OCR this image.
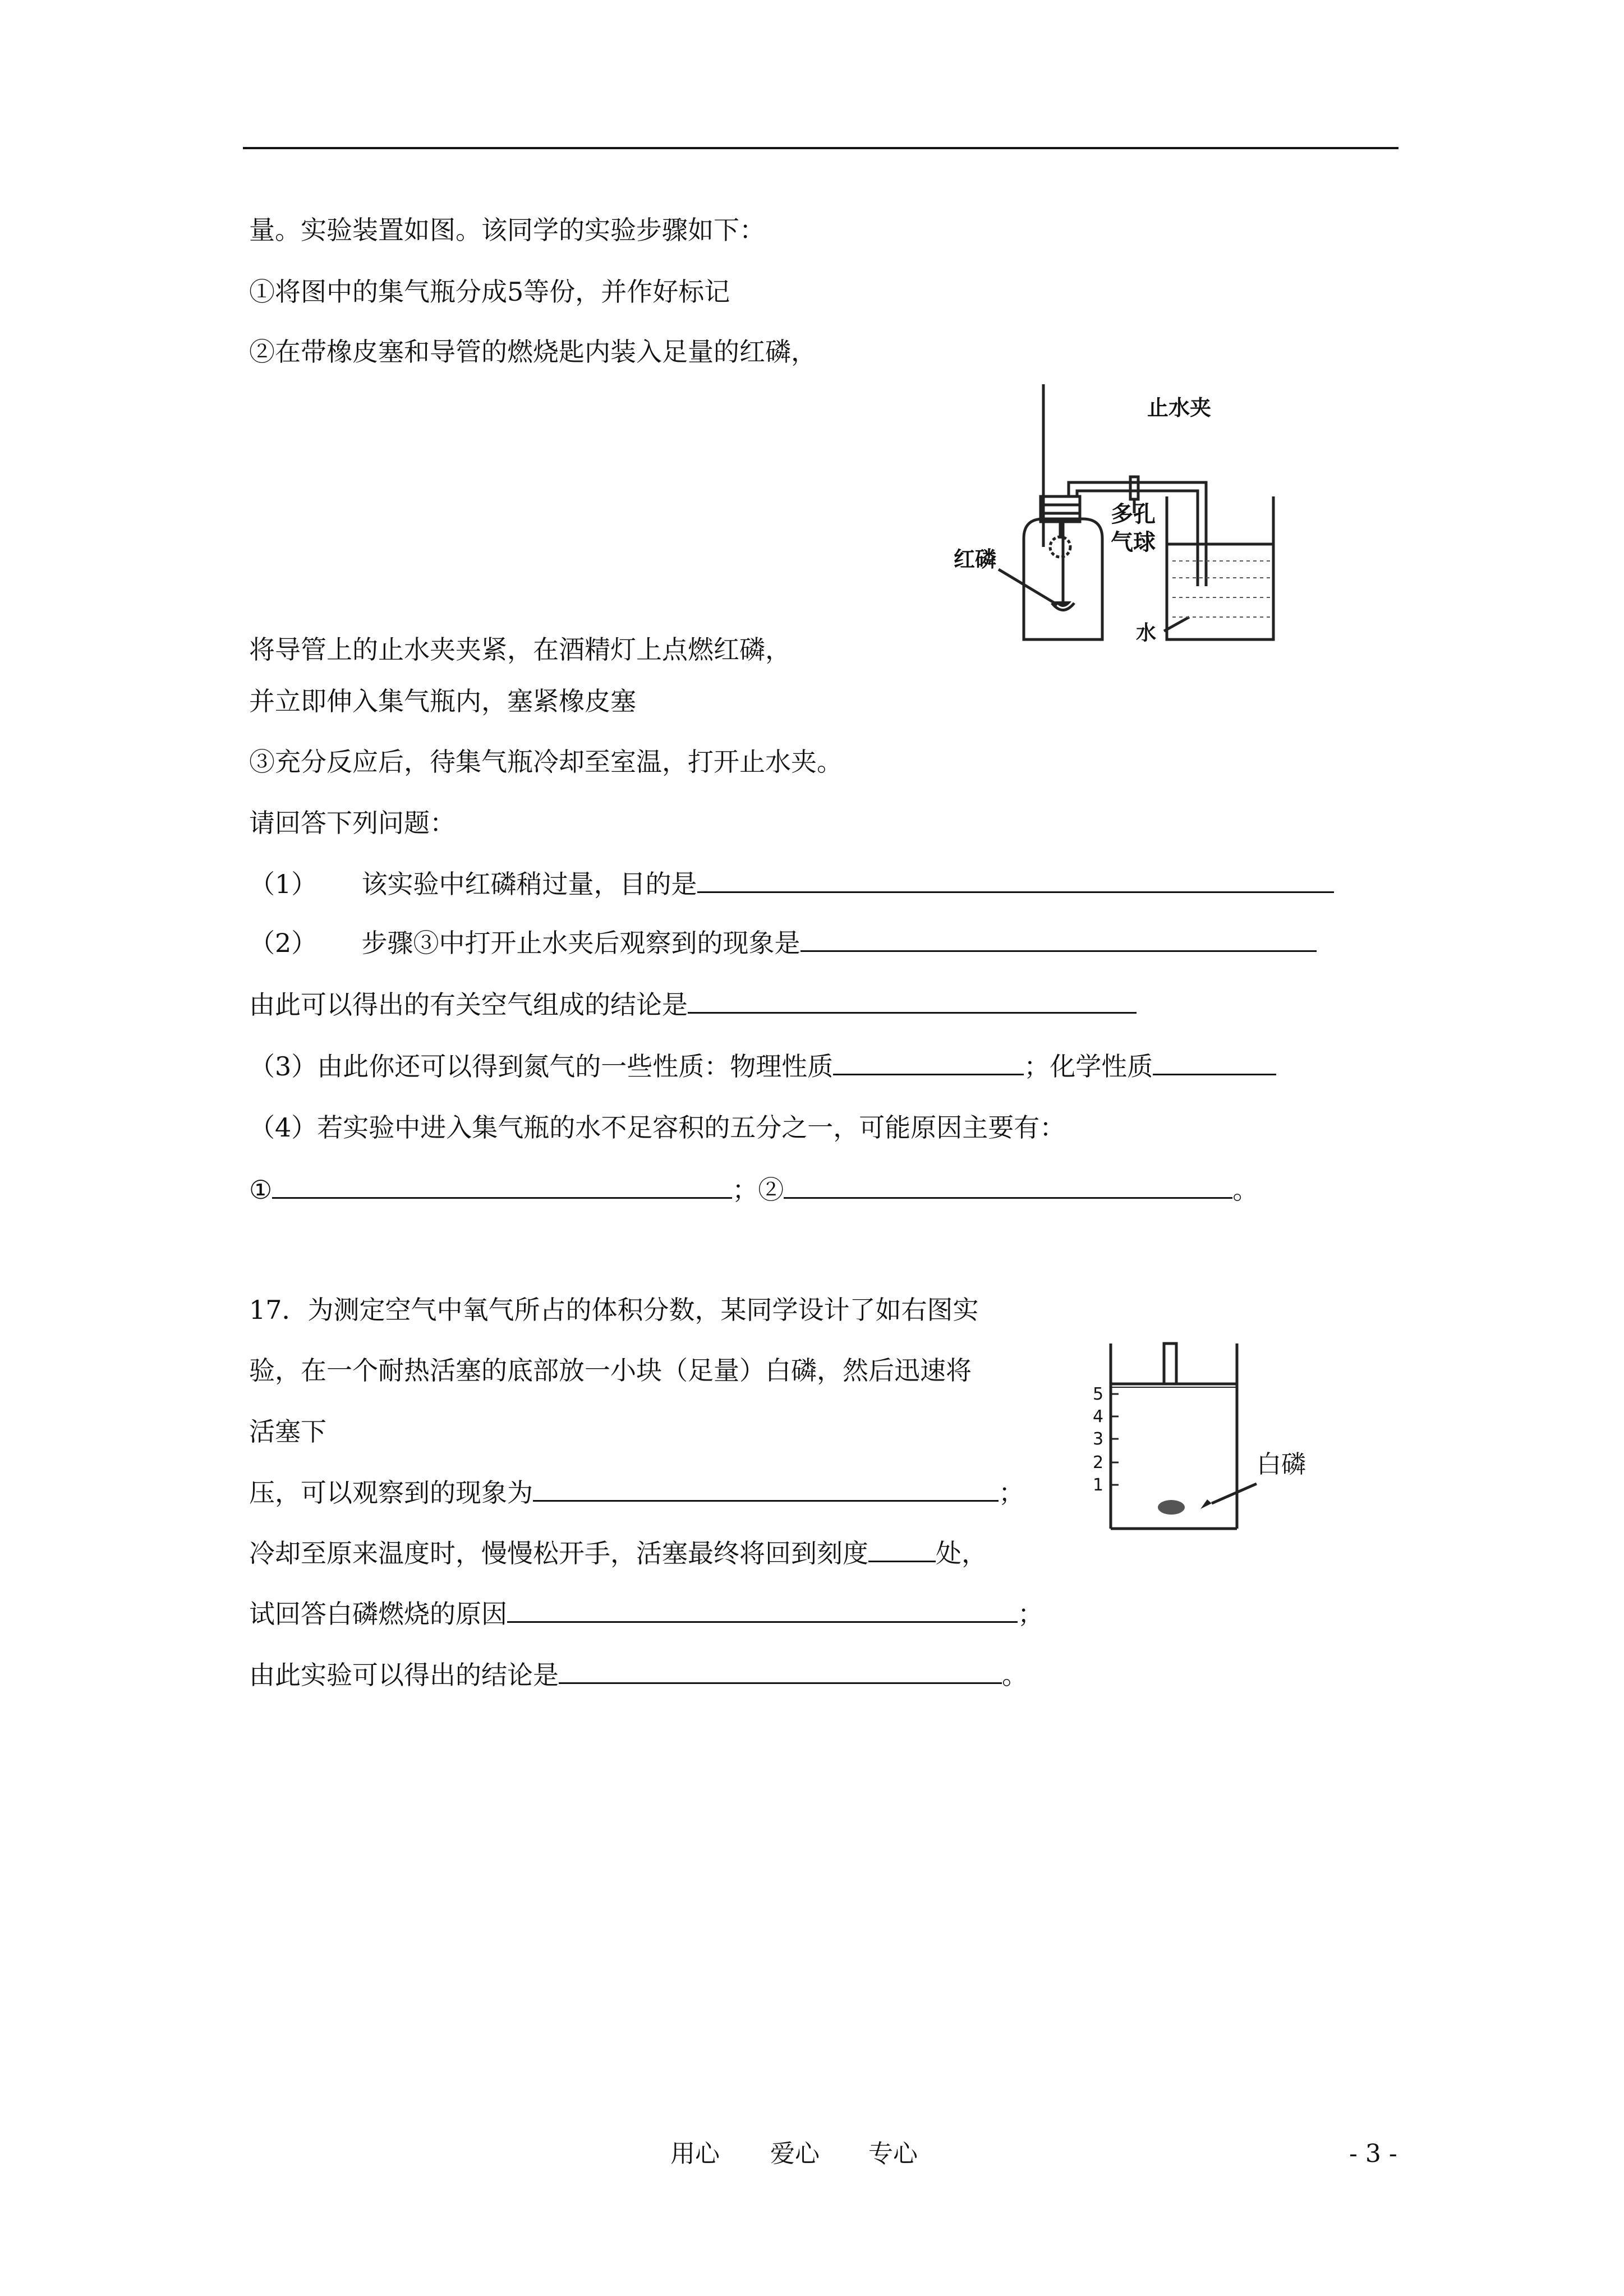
量。实验装置如图。该同学的实验步骤如下：
①将图中的集气瓶分成5等份，并作好标记
②在带橡皮塞和导管的燃烧匙内装入足量的红磷，
将导管上的止水夹夹紧，在酒精灯上点燃红磷，
并立即伸入集气瓶内，塞紧橡皮塞
③充分反应后，待集气瓶冷却至室温，打开止水夹。
请回答下列问题：
（1） 该实验中红磷稍过量，目的是
（2） 步骤③中打开止水夹后观察到的现象是
由此可以得出的有关空气组成的结论是
（3）由此你还可以得到氮气的一些性质：物理性质	；化学性质
（4）若实验中进入集气瓶的水不足容积的五分之一，可能原因主要有：
①	；②	。
17．为测定空气中氧气所占的体积分数，某同学设计了如右图实
验，在一个耐热活塞的底部放一小块（足量）白磷，然后迅速将
活塞下
压，可以观察到的现象为	；
冷却至原来温度时，慢慢松开手，活塞最终将回到刻度	处，
试回答白磷燃烧的原因	；
由此实验可以得出的结论是	。
止水夹
多孔
气球
红磷
水
5
4
3
2
1
白磷
用心 爱心 专心	- 3 -
